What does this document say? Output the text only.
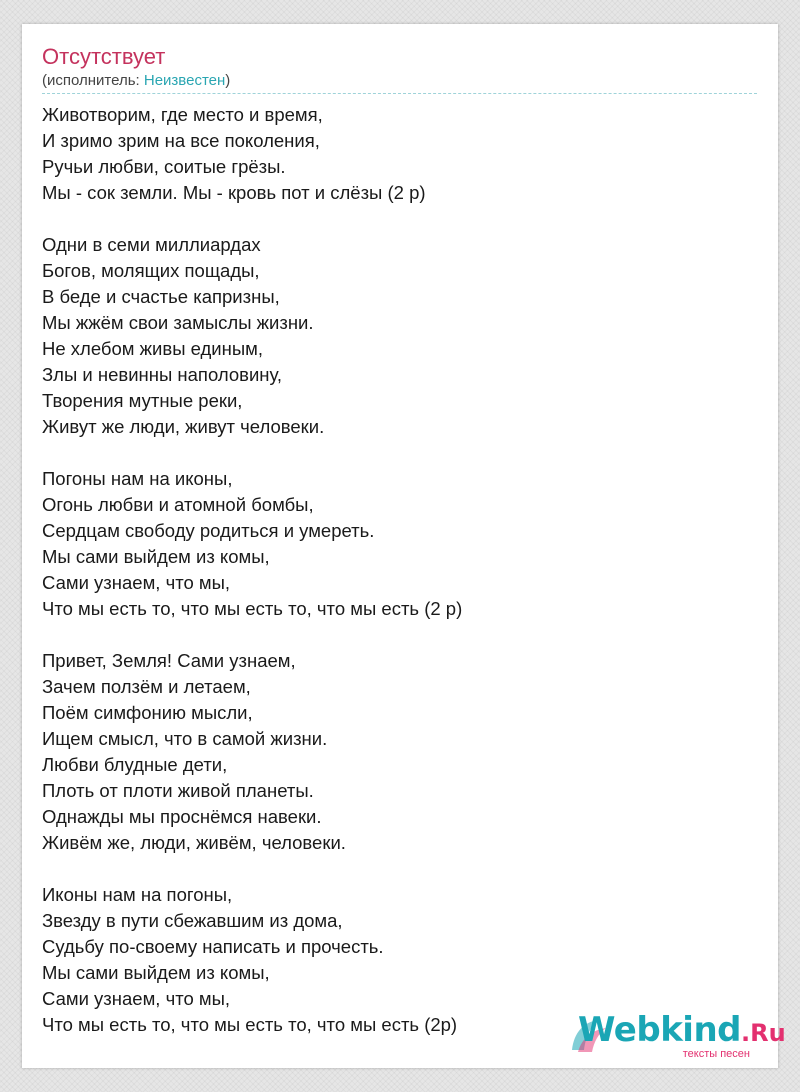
Отсутствует
(исполнитель: Неизвестен)
Животворим, где место и время,
И зримо зрим на все поколения,
Ручьи любви, соитые грёзы.
Мы - сок земли. Мы - кровь пот и слёзы (2 р)
Одни в семи миллиардах
Богов, молящих пощады,
В беде и счастье капризны,
Мы жжём свои замыслы жизни.
Не хлебом живы единым,
Злы и невинны наполовину,
Творения мутные реки,
Живут же люди, живут человеки.
Погоны нам на иконы,
Огонь любви и атомной бомбы,
Сердцам свободу родиться и умереть.
Мы сами выйдем из комы,
Сами узнаем, что мы,
Что мы есть то, что мы есть то, что мы есть (2 р)
Привет, Земля! Сами узнаем,
Зачем ползём и летаем,
Поём симфонию мысли,
Ищем смысл, что в самой жизни.
Любви блудные дети,
Плоть от плоти живой планеты.
Однажды мы проснёмся навеки.
Живём же, люди, живём, человеки.
Иконы нам на погоны,
Звезду в пути сбежавшим из дома,
Судьбу по-своему написать и прочесть.
Мы сами выйдем из комы,
Сами узнаем, что мы,
Что мы есть то, что мы есть то, что мы есть (2р)	Webkind.Ru
тексты песен
